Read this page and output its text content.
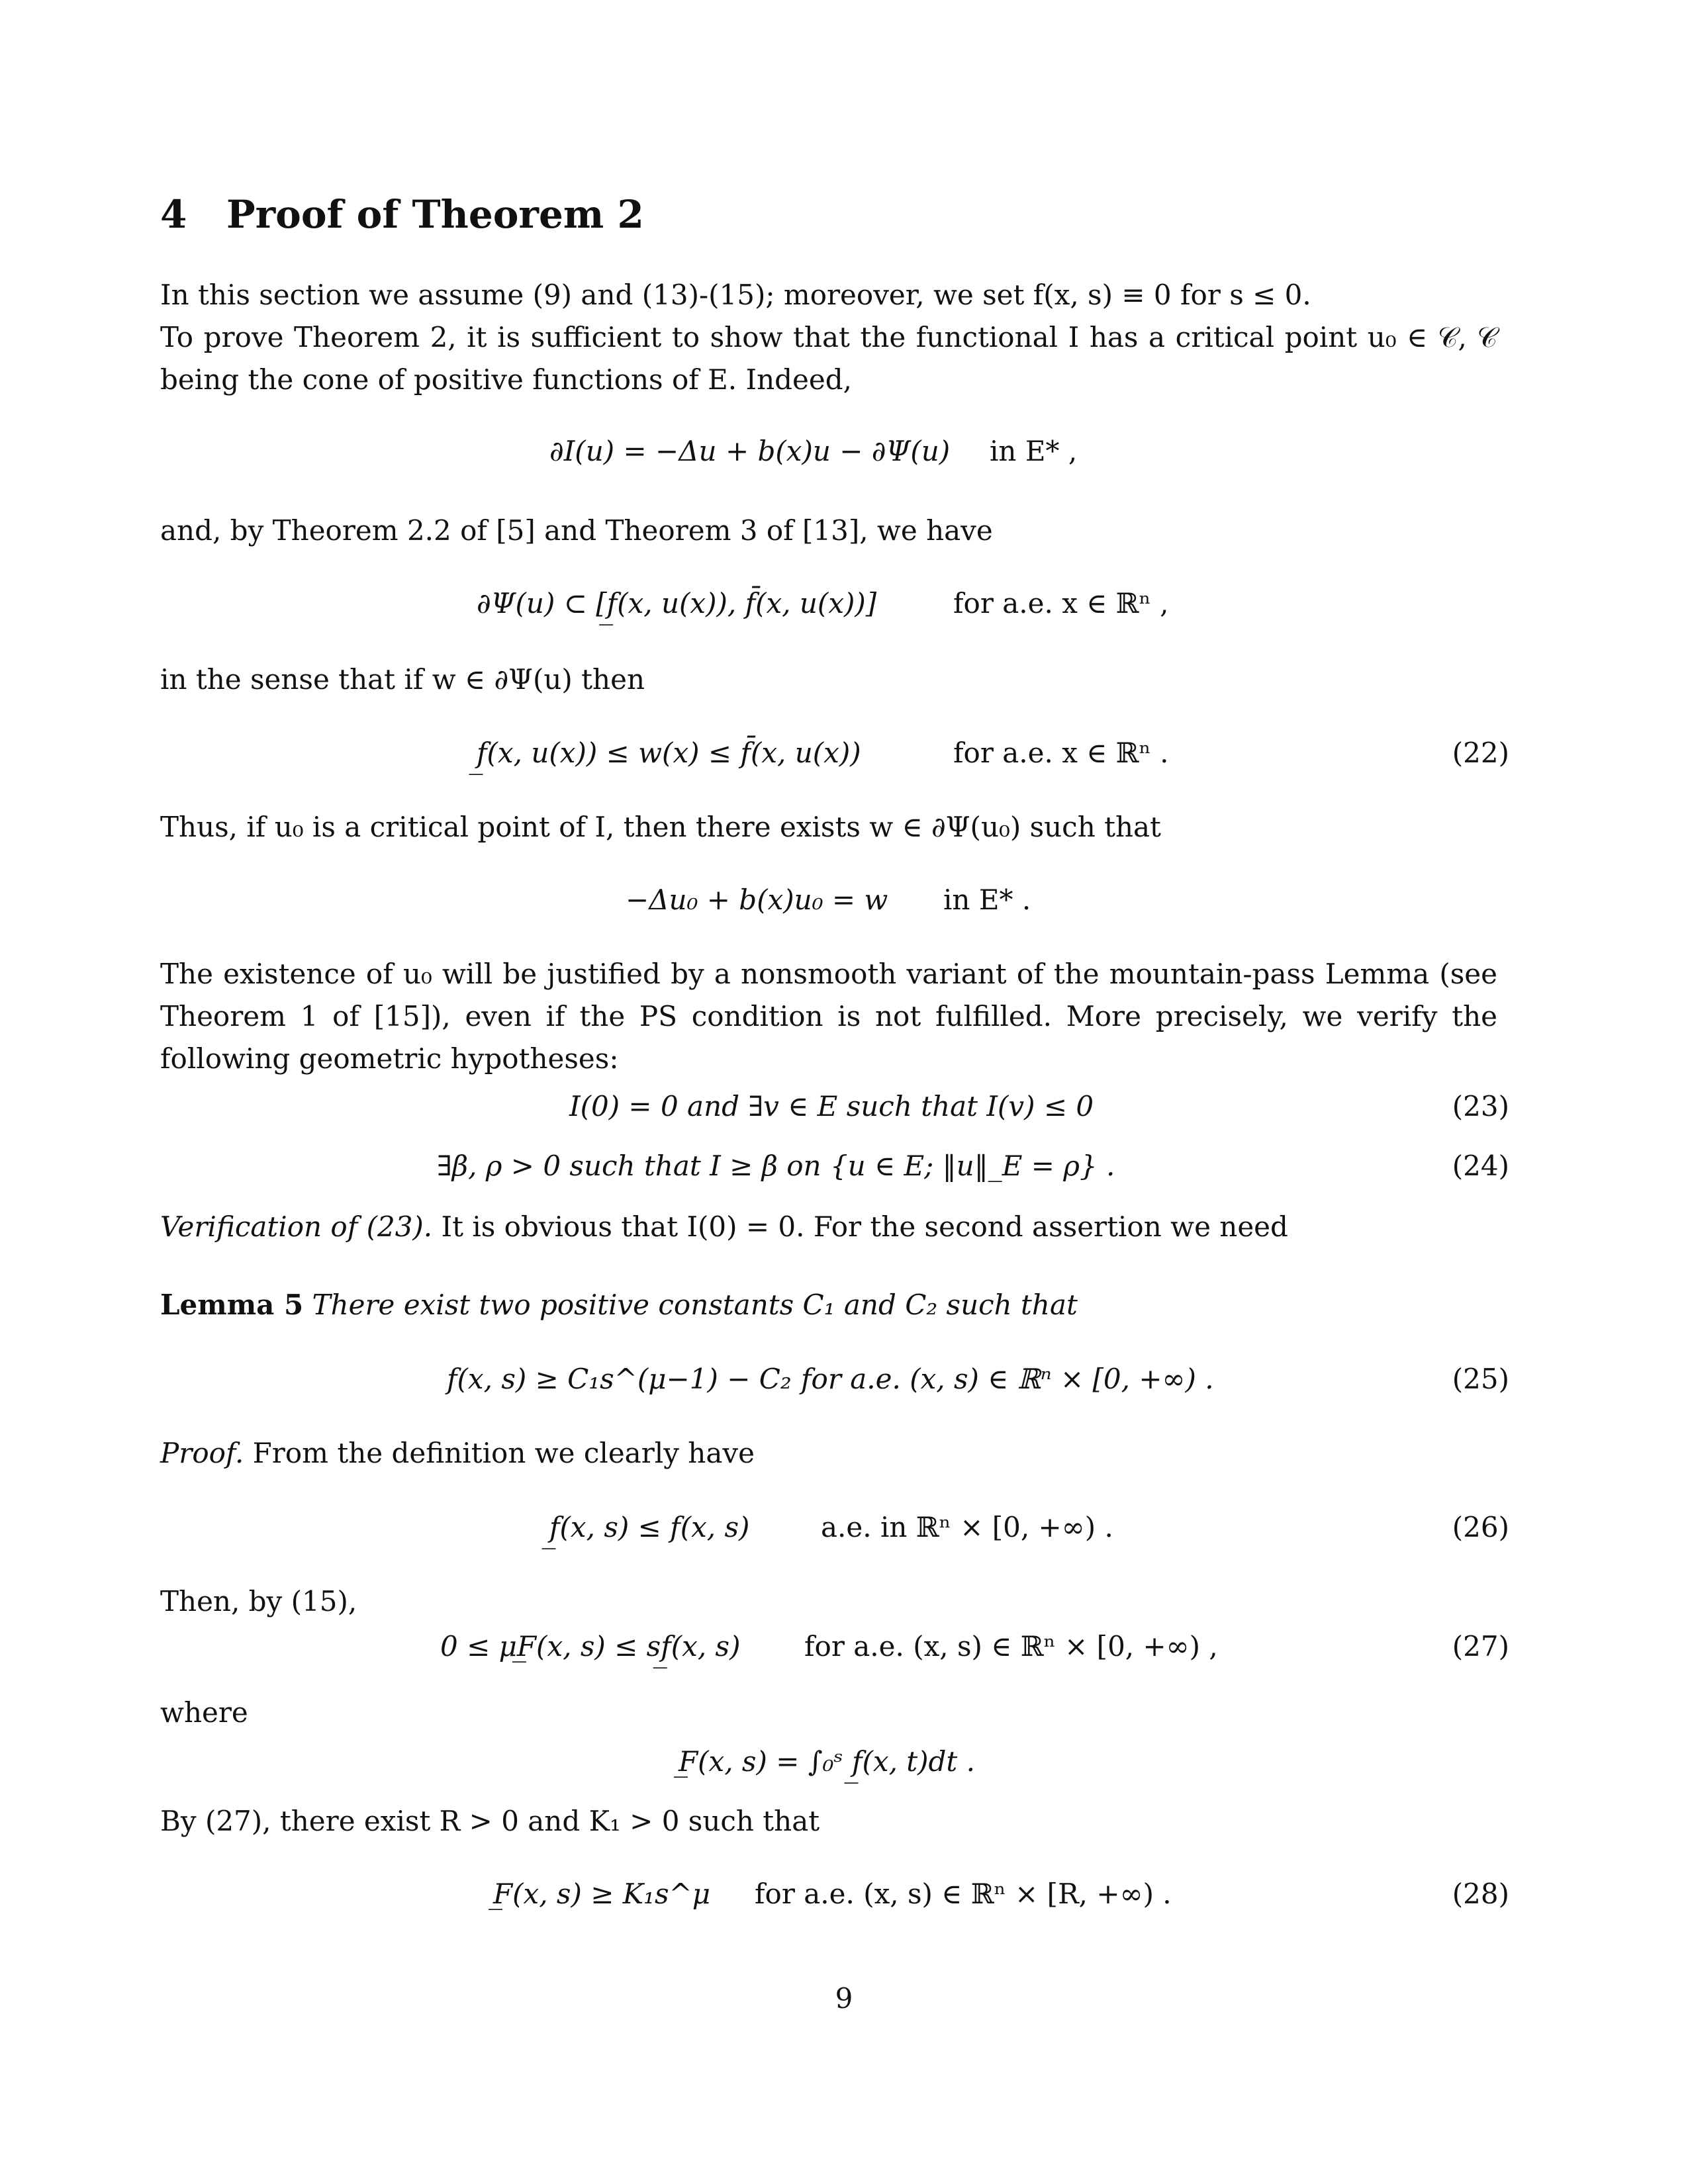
4 Proof of Theorem 2

In this section we assume (9) and (13)-(15); moreover, we set f(x, s) ≡ 0 for s ≤ 0.

To prove Theorem 2, it is sufficient to show that the functional I has a critical point u₀ ∈ 𝒞, 𝒞 being the cone of positive functions of E. Indeed,

∂I(u) = −Δu + b(x)u − ∂Ψ(u) in E* ,

and, by Theorem 2.2 of [5] and Theorem 3 of [13], we have

∂Ψ(u) ⊂ [f̲(x, u(x)), f̄(x, u(x))]	for a.e. x ∈ ℝⁿ ,

in the sense that if w ∈ ∂Ψ(u) then

f̲(x, u(x)) ≤ w(x) ≤ f̄(x, u(x))	for a.e. x ∈ ℝⁿ .	(22)

Thus, if u₀ is a critical point of I, then there exists w ∈ ∂Ψ(u₀) such that

−Δu₀ + b(x)u₀ = w in E* .

The existence of u₀ will be justified by a nonsmooth variant of the mountain-pass Lemma (see Theorem 1 of [15]), even if the PS condition is not fulfilled. More precisely, we verify the following geometric hypotheses:

I(0) = 0 and ∃v ∈ E such that I(v) ≤ 0	(23)
∃β, ρ > 0 such that I ≥ β on {u ∈ E; ‖u‖_E = ρ} .	(24)

Verification of (23). It is obvious that I(0) = 0. For the second assertion we need

Lemma 5 There exist two positive constants C₁ and C₂ such that

f(x, s) ≥ C₁s^(μ−1) − C₂ for a.e. (x, s) ∈ ℝⁿ × [0, +∞) .	(25)

Proof. From the definition we clearly have

f̲(x, s) ≤ f(x, s)	a.e. in ℝⁿ × [0, +∞) .	(26)

Then, by (15),

0 ≤ μF̲(x, s) ≤ sf̲(x, s) for a.e. (x, s) ∈ ℝⁿ × [0, +∞) ,	(27)

where

F̲(x, s) = ∫₀ˢ f̲(x, t)dt .

By (27), there exist R > 0 and K₁ > 0 such that

F̲(x, s) ≥ K₁s^μ for a.e. (x, s) ∈ ℝⁿ × [R, +∞) .	(28)
9
